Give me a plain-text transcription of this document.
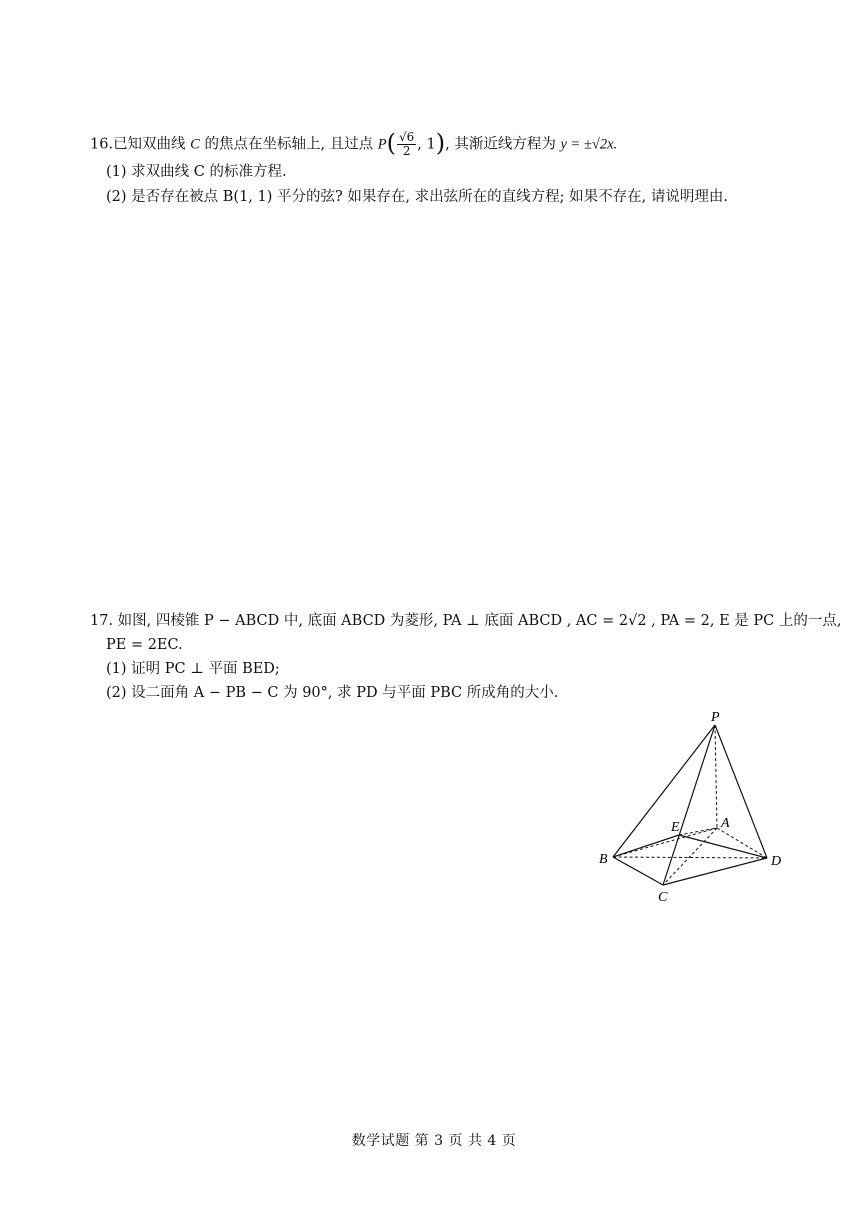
16.已知双曲线 C 的焦点在坐标轴上, 且过点 $P( \frac{√6}{2}$ , 1), 其渐近线方程为 y = ±√2x.
(1) 求双曲线 C 的标准方程.
(2) 是否存在被点 B(1, 1) 平分的弦? 如果存在, 求出弦所在的直线方程; 如果不存在, 请说明理由.
17. 如图, 四棱锥 P − ABCD 中, 底面 ABCD 为菱形, PA ⊥ 底面 ABCD , AC = 2√2 , PA = 2, E 是 PC 上的一点,
PE = 2EC.
(1) 证明 PC ⊥ 平面 BED;
(2) 设二面角 A − PB − C 为 90°, 求 PD 与平面 PBC 所成角的大小.
P
A
E
B	D
C
数学试题 第 3 页 共 4 页
